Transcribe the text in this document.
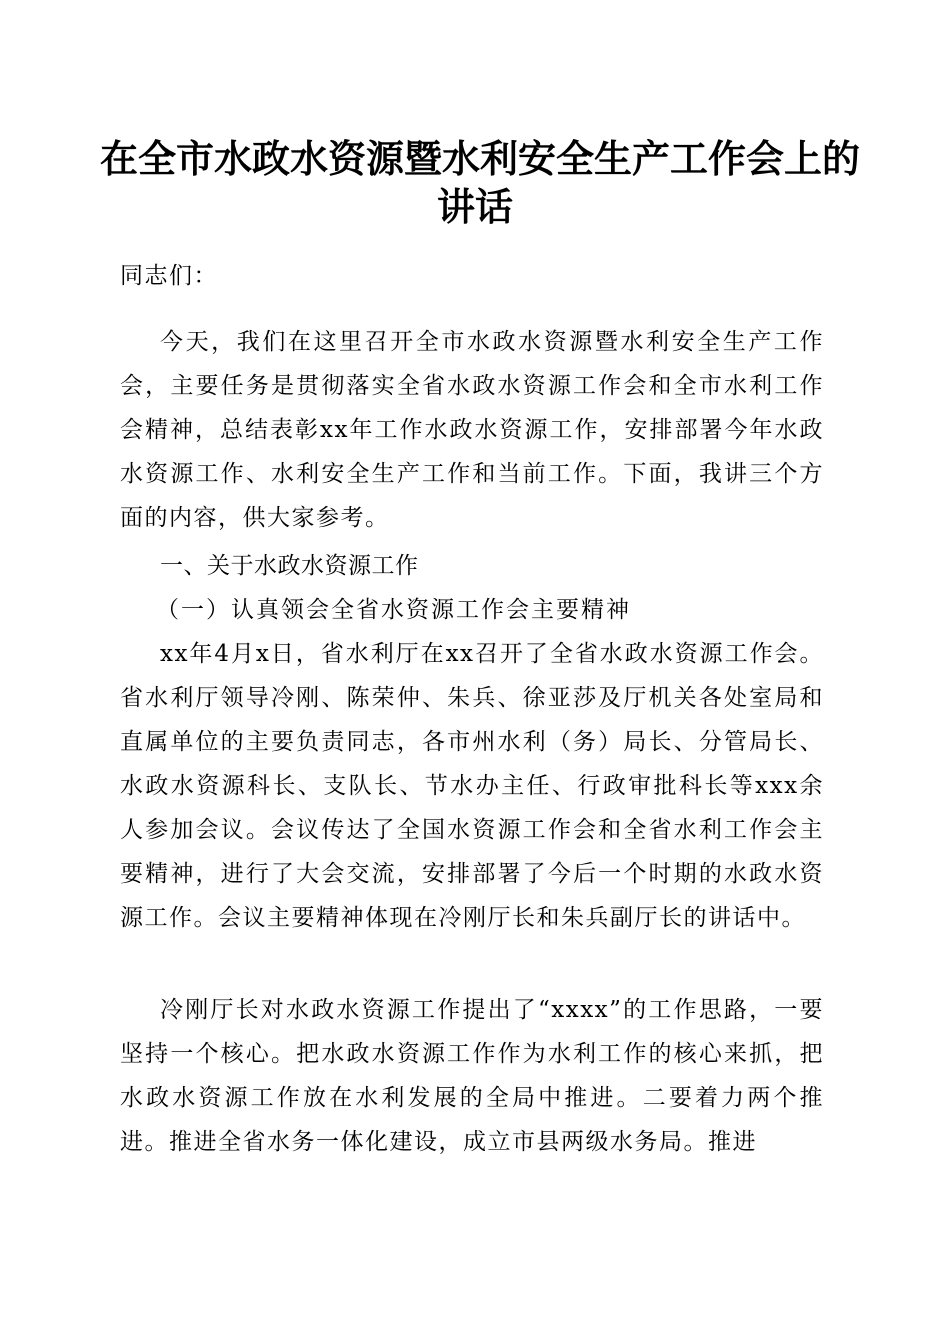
在全市水政水资源暨水利安全生产工作会上的
讲话
同志们：
今天，我们在这里召开全市水政水资源暨水利安全生产工作会，主要任务是贯彻落实全省水政水资源工作会和全市水利工作会精神，总结表彰xx年工作水政水资源工作，安排部署今年水政水资源工作、水利安全生产工作和当前工作。下面，我讲三个方面的内容，供大家参考。
一、关于水政水资源工作
（一）认真领会全省水资源工作会主要精神
xx年4月x日，省水利厅在xx召开了全省水政水资源工作会。省水利厅领导冷刚、陈荣仲、朱兵、徐亚莎及厅机关各处室局和直属单位的主要负责同志，各市州水利（务）局长、分管局长、水政水资源科长、支队长、节水办主任、行政审批科长等xxx余人参加会议。会议传达了全国水资源工作会和全省水利工作会主要精神，进行了大会交流，安排部署了今后一个时期的水政水资源工作。会议主要精神体现在冷刚厅长和朱兵副厅长的讲话中。
冷刚厅长对水政水资源工作提出了“xxxx”的工作思路，一要坚持一个核心。把水政水资源工作作为水利工作的核心来抓，把水政水资源工作放在水利发展的全局中推进。二要着力两个推进。推进全省水务一体化建设，成立市县两级水务局。推进
